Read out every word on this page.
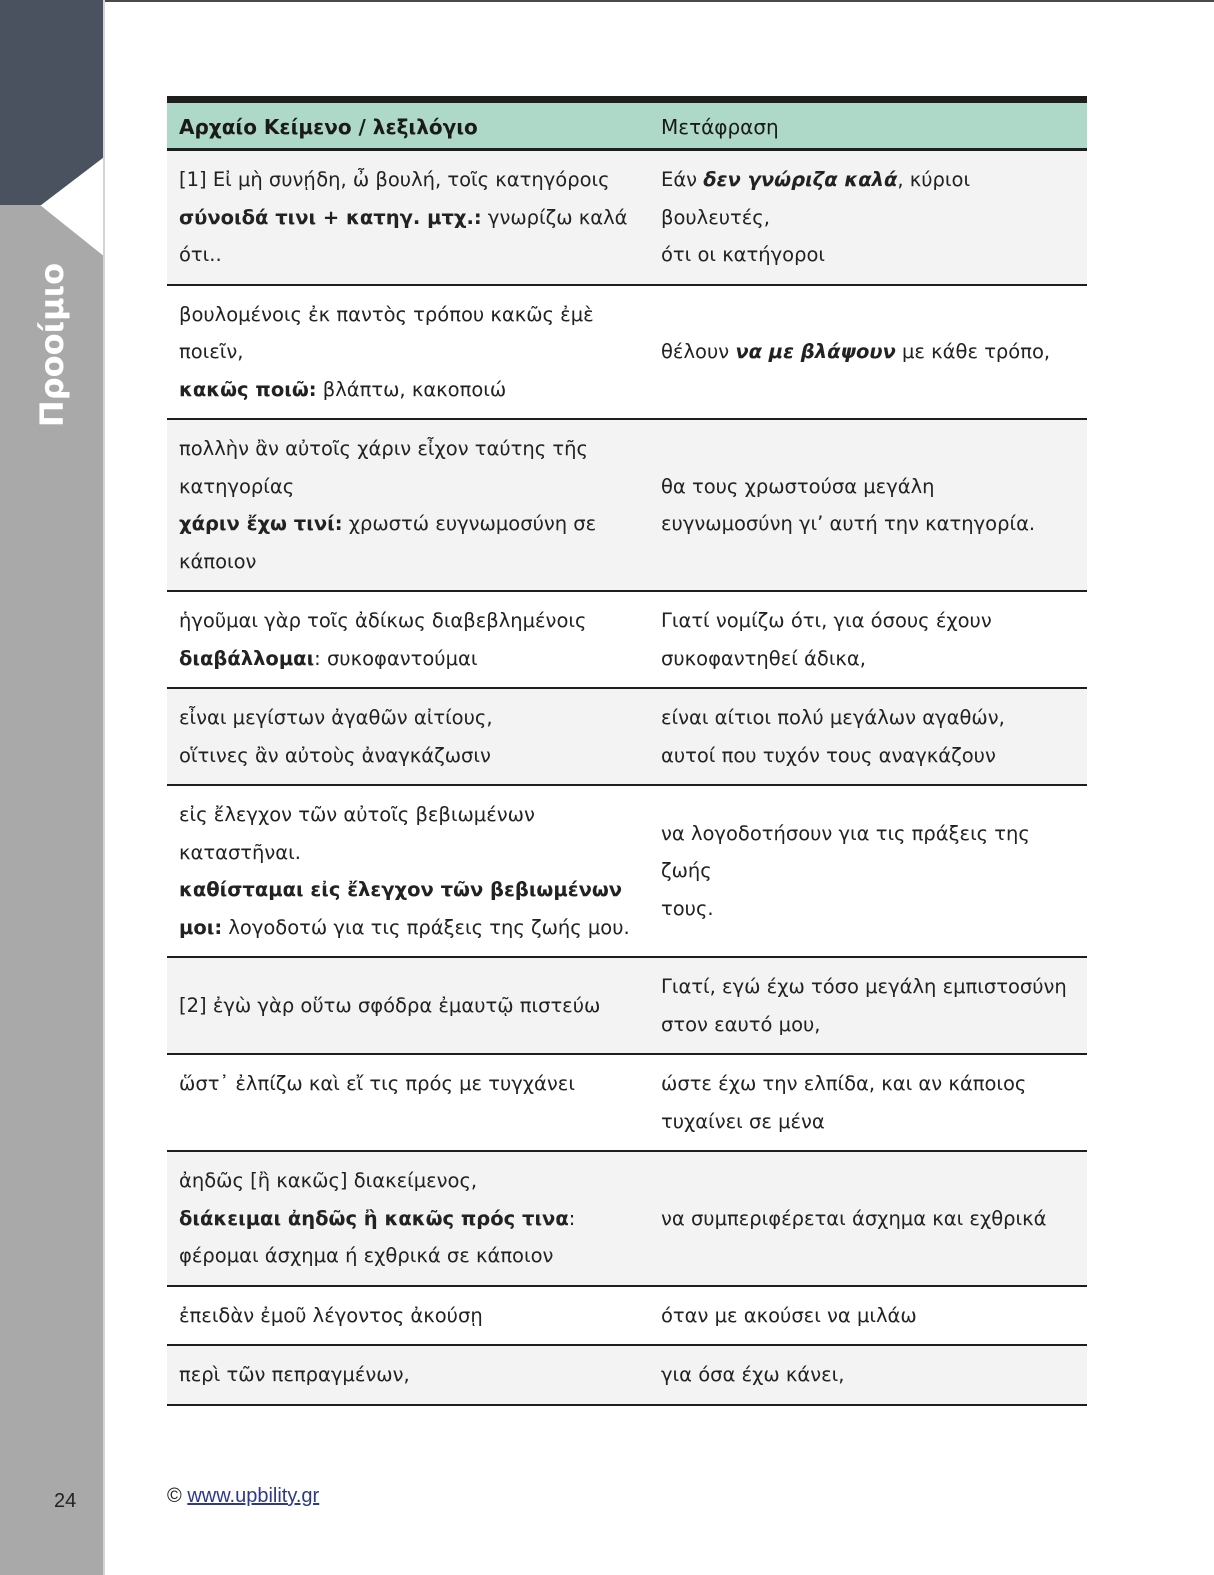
Προοίμιο
24
Αρχαίο Κείμενο / λεξιλόγιο	Μετάφραση

[1] Εἰ μὴ συνῄδη, ὦ βουλή, τοῖς κατηγόροις
σύνοιδά τινι + κατηγ. μτχ.: γνωρίζω καλά ότι..	Εάν δεν γνώριζα καλά, κύριοι βουλευτές,
ότι οι κατήγοροι

βουλομένοις ἐκ παντὸς τρόπου κακῶς ἐμὲ ποιεῖν,
κακῶς ποιῶ: βλάπτω, κακοποιώ	θέλουν να με βλάψουν με κάθε τρόπο,

πολλὴν ἂν αὐτοῖς χάριν εἶχον ταύτης τῆς
κατηγορίας
χάριν ἔχω τινί: χρωστώ ευγνωμοσύνη σε
κάποιον	θα τους χρωστούσα μεγάλη
ευγνωμοσύνη γι’ αυτή την κατηγορία.

ἡγοῦμαι γὰρ τοῖς ἀδίκως διαβεβλημένοις
διαβάλλομαι: συκοφαντούμαι	Γιατί νομίζω ότι, για όσους έχουν
συκοφαντηθεί άδικα,

εἶναι μεγίστων ἀγαθῶν αἰτίους,
οἵτινες ἂν αὐτοὺς ἀναγκάζωσιν	είναι αίτιοι πολύ μεγάλων αγαθών,
αυτοί που τυχόν τους αναγκάζουν

εἰς ἔλεγχον τῶν αὐτοῖς βεβιωμένων καταστῆναι.
καθίσταμαι εἰς ἔλεγχον τῶν βεβιωμένων
μοι: λογοδοτώ για τις πράξεις της ζωής μου.	να λογοδοτήσουν για τις πράξεις της ζωής
τους.

[2] ἐγὼ γὰρ οὕτω σφόδρα ἐμαυτῷ πιστεύω	Γιατί, εγώ έχω τόσο μεγάλη εμπιστοσύνη
στον εαυτό μου,

ὥστ᾽ ἐλπίζω καὶ εἴ τις πρός με τυγχάνει	ώστε έχω την ελπίδα, και αν κάποιος
τυχαίνει σε μένα

ἀηδῶς [ἢ κακῶς] διακείμενος,
διάκειμαι ἀηδῶς ἢ κακῶς πρός τινα:
φέρομαι άσχημα ή εχθρικά σε κάποιον	να συμπεριφέρεται άσχημα και εχθρικά

ἐπειδὰν ἐμοῦ λέγοντος ἀκούσῃ	όταν με ακούσει να μιλάω

περὶ τῶν πεπραγμένων,	για όσα έχω κάνει,
© www.upbility.gr
